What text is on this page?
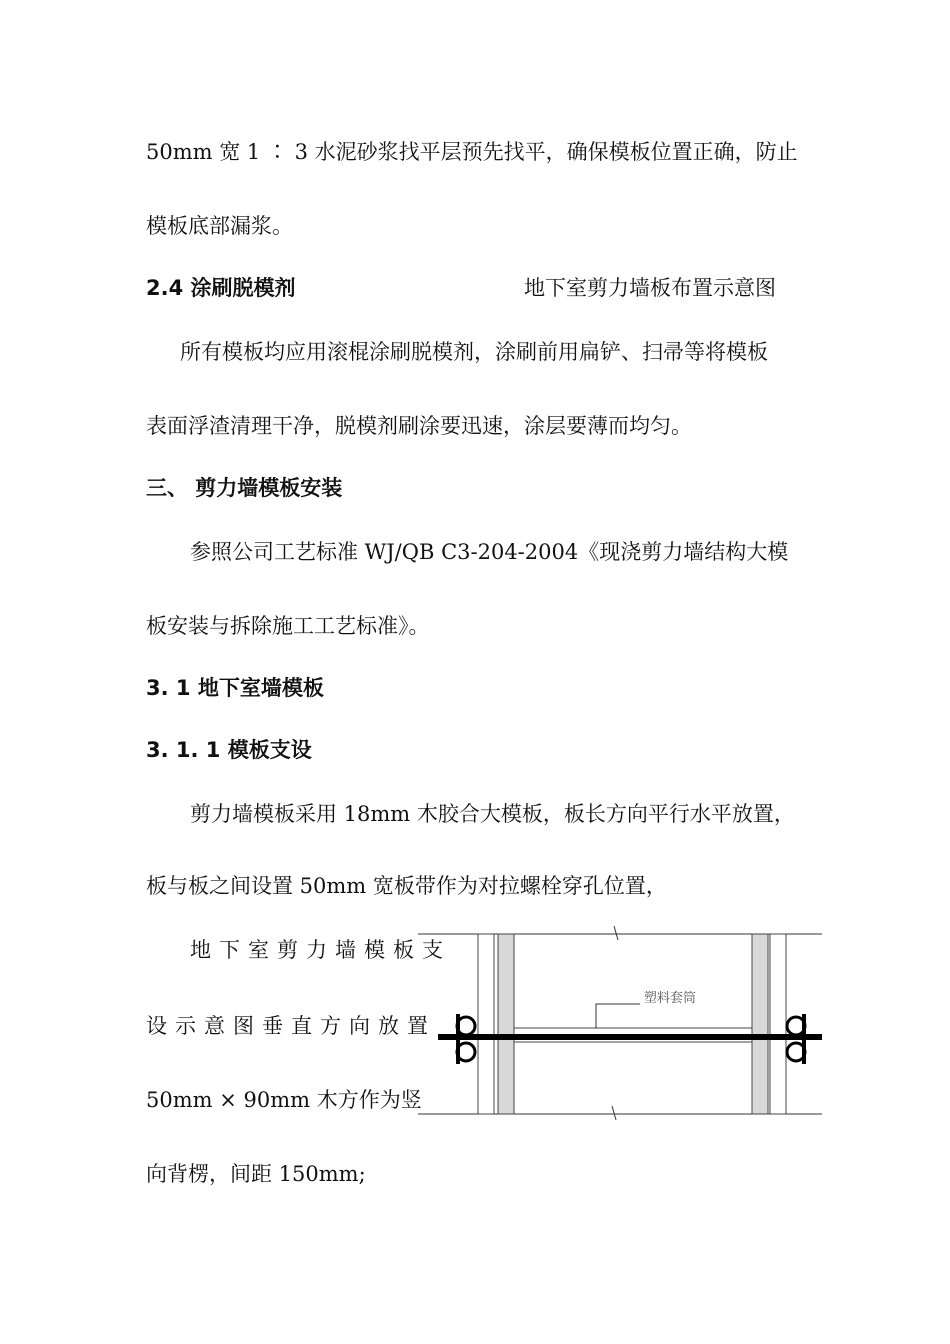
50mm 宽 1 ∶ 3 水泥砂浆找平层预先找平，确保模板位置正确，防止
模板底部漏浆。
2.4 涂刷脱模剂	地下室剪力墙板布置示意图
所有模板均应用滚棍涂刷脱模剂，涂刷前用扁铲、扫帚等将模板
表面浮渣清理干净，脱模剂刷涂要迅速，涂层要薄而均匀。
三、 剪力墙模板安装
参照公司工艺标准 WJ/QB C3-204-2004《现浇剪力墙结构大模
板安装与拆除施工工艺标准》。
3. 1 地下室墙模板
3. 1. 1 模板支设
剪力墙模板采用 18mm 木胶合大模板，板长方向平行水平放置，
板与板之间设置 50mm 宽板带作为对拉螺栓穿孔位置，
地下室剪力墙模板支
设示意图垂直方向放置
50mm × 90mm 木方作为竖
向背楞，间距 150mm;
塑料套筒
